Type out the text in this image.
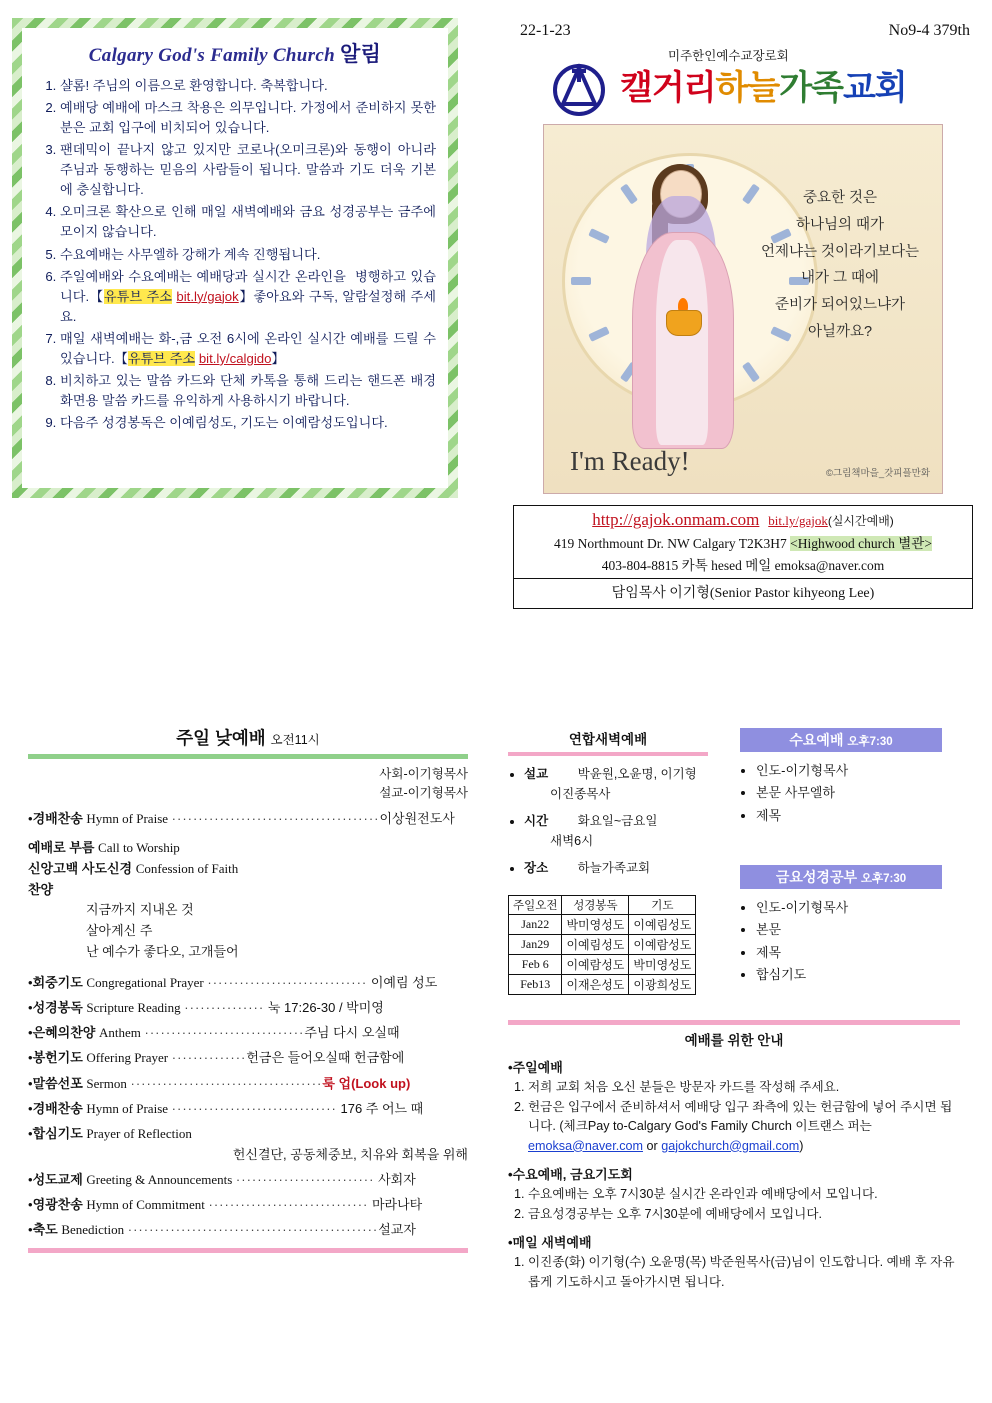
22-1-23	No9-4 379th
미주한인예수교장로회
캘거리하늘가족교회
Calgary God's Family Church 알림
1. 샬롬! 주님의 이름으로 환영합니다. 축복합니다.
2. 예배당 예배에 마스크 착용은 의무입니다. 가정에서 준비하지 못한 분은 교회 입구에 비치되어 있습니다.
3. 팬데믹이 끝나지 않고 있지만 코로나(오미크론)와 동행이 아니라 주님과 동행하는 믿음의 사람들이 됩니다. 말씀과 기도 더욱 기본에 충실합니다.
4. 오미크론 확산으로 인해 매일 새벽예배와 금요 성경공부는 금주에 모이지 않습니다.
5. 수요예배는 사무엘하 강해가 계속 진행됩니다.
6. 주일예배와 수요예배는 예배당과 실시간 온라인을  병행하고 있습니다.【유튜브 주소 bit.ly/gajok】좋아요와 구독, 알람설정해 주세요.
7. 매일 새벽예배는 화-,금 오전 6시에 온라인 실시간 예배를 드릴 수 있습니다.【유튜브 주소 bit.ly/calgido】
8. 비치하고 있는 말씀 카드와 단체 카톡을 통해 드리는 핸드폰 배경화면용 말씀 카드를 유익하게 사용하시기 바랍니다.
9. 다음주 성경봉독은 이예림성도, 기도는 이예람성도입니다.
중요한 것은
하나님의 때가
언제냐는 것이라기보다는
내가 그 때에
준비가 되어있느냐가
아닐까요?
I'm Ready!	©그림책마을_갓피플만화
http://gajok.onmam.com bit.ly/gajok(실시간예배)
419 Northmount Dr. NW Calgary T2K3H7 <Highwood church 별관>
403-804-8815 카톡 hesed 메일 emoksa@naver.com
담임목사 이기형(Senior Pastor kihyeong Lee)
주일 낮예배 오전11시
사회-이기형목사
설교-이기형목사
•경배찬송 Hymn of Praise ·······································이상원전도사
예배로 부름 Call to Worship
신앙고백 사도신경 Confession of Faith
찬양
지금까지 지내온 것
살아계신 주
난 예수가 좋다오, 고개들어
•회중기도 Congregational Prayer ······························ 이예림 성도
•성경봉독 Scripture Reading ··············· 눅 17:26-30 / 박미영
•은혜의찬양 Anthem ······························주님 다시 오실때
•봉헌기도 Offering Prayer ··············헌금은 들어오실때 헌금함에
•말씀선포 Sermon ····································룩 업(Look up)
•경배찬송 Hymn of Praise ······························· 176 주 어느 때
•합심기도 Prayer of Reflection
헌신결단, 공동체중보, 치유와 회복을 위해
•성도교제 Greeting & Announcements ·························· 사회자
•영광찬송 Hymn of Commitment ······························ 마라나타
•축도 Benediction ···············································설교자
연합새벽예배
• 설교 박윤원,오윤명, 이기형
이진종목사
• 시간 화요일~금요일
새벽6시
• 장소 하늘가족교회
주일오전	성경봉독	기도
Jan22	박미영성도	이예림성도
Jan29	이예림성도	이예람성도
Feb 6	이예람성도	박미영성도
Feb13	이재은성도	이광희성도
수요예배 오후7:30
• 인도-이기형목사
• 본문 사무엘하
• 제목
금요성경공부 오후7:30
• 인도-이기형목사
• 본문
• 제목
• 합심기도
예배를 위한 안내
•주일예배
1. 저희 교회 처음 오신 분들은 방문자 카드를 작성해 주세요.
2. 헌금은 입구에서 준비하셔서 예배당 입구 좌측에 있는 헌금함에 넣어 주시면 됩니다. (체크Pay to-Calgary God's Family Church 이트랜스 퍼는 emoksa@naver.com or gajokchurch@gmail.com)
•수요예배, 금요기도회
1. 수요예배는 오후 7시30분 실시간 온라인과 예배당에서 모입니다.
2. 금요성경공부는 오후 7시30분에 예배당에서 모입니다.
•매일 새벽예배
1. 이진종(화) 이기형(수) 오윤명(목) 박준원목사(금)님이 인도합니다. 예배 후 자유롭게 기도하시고 돌아가시면 됩니다.
